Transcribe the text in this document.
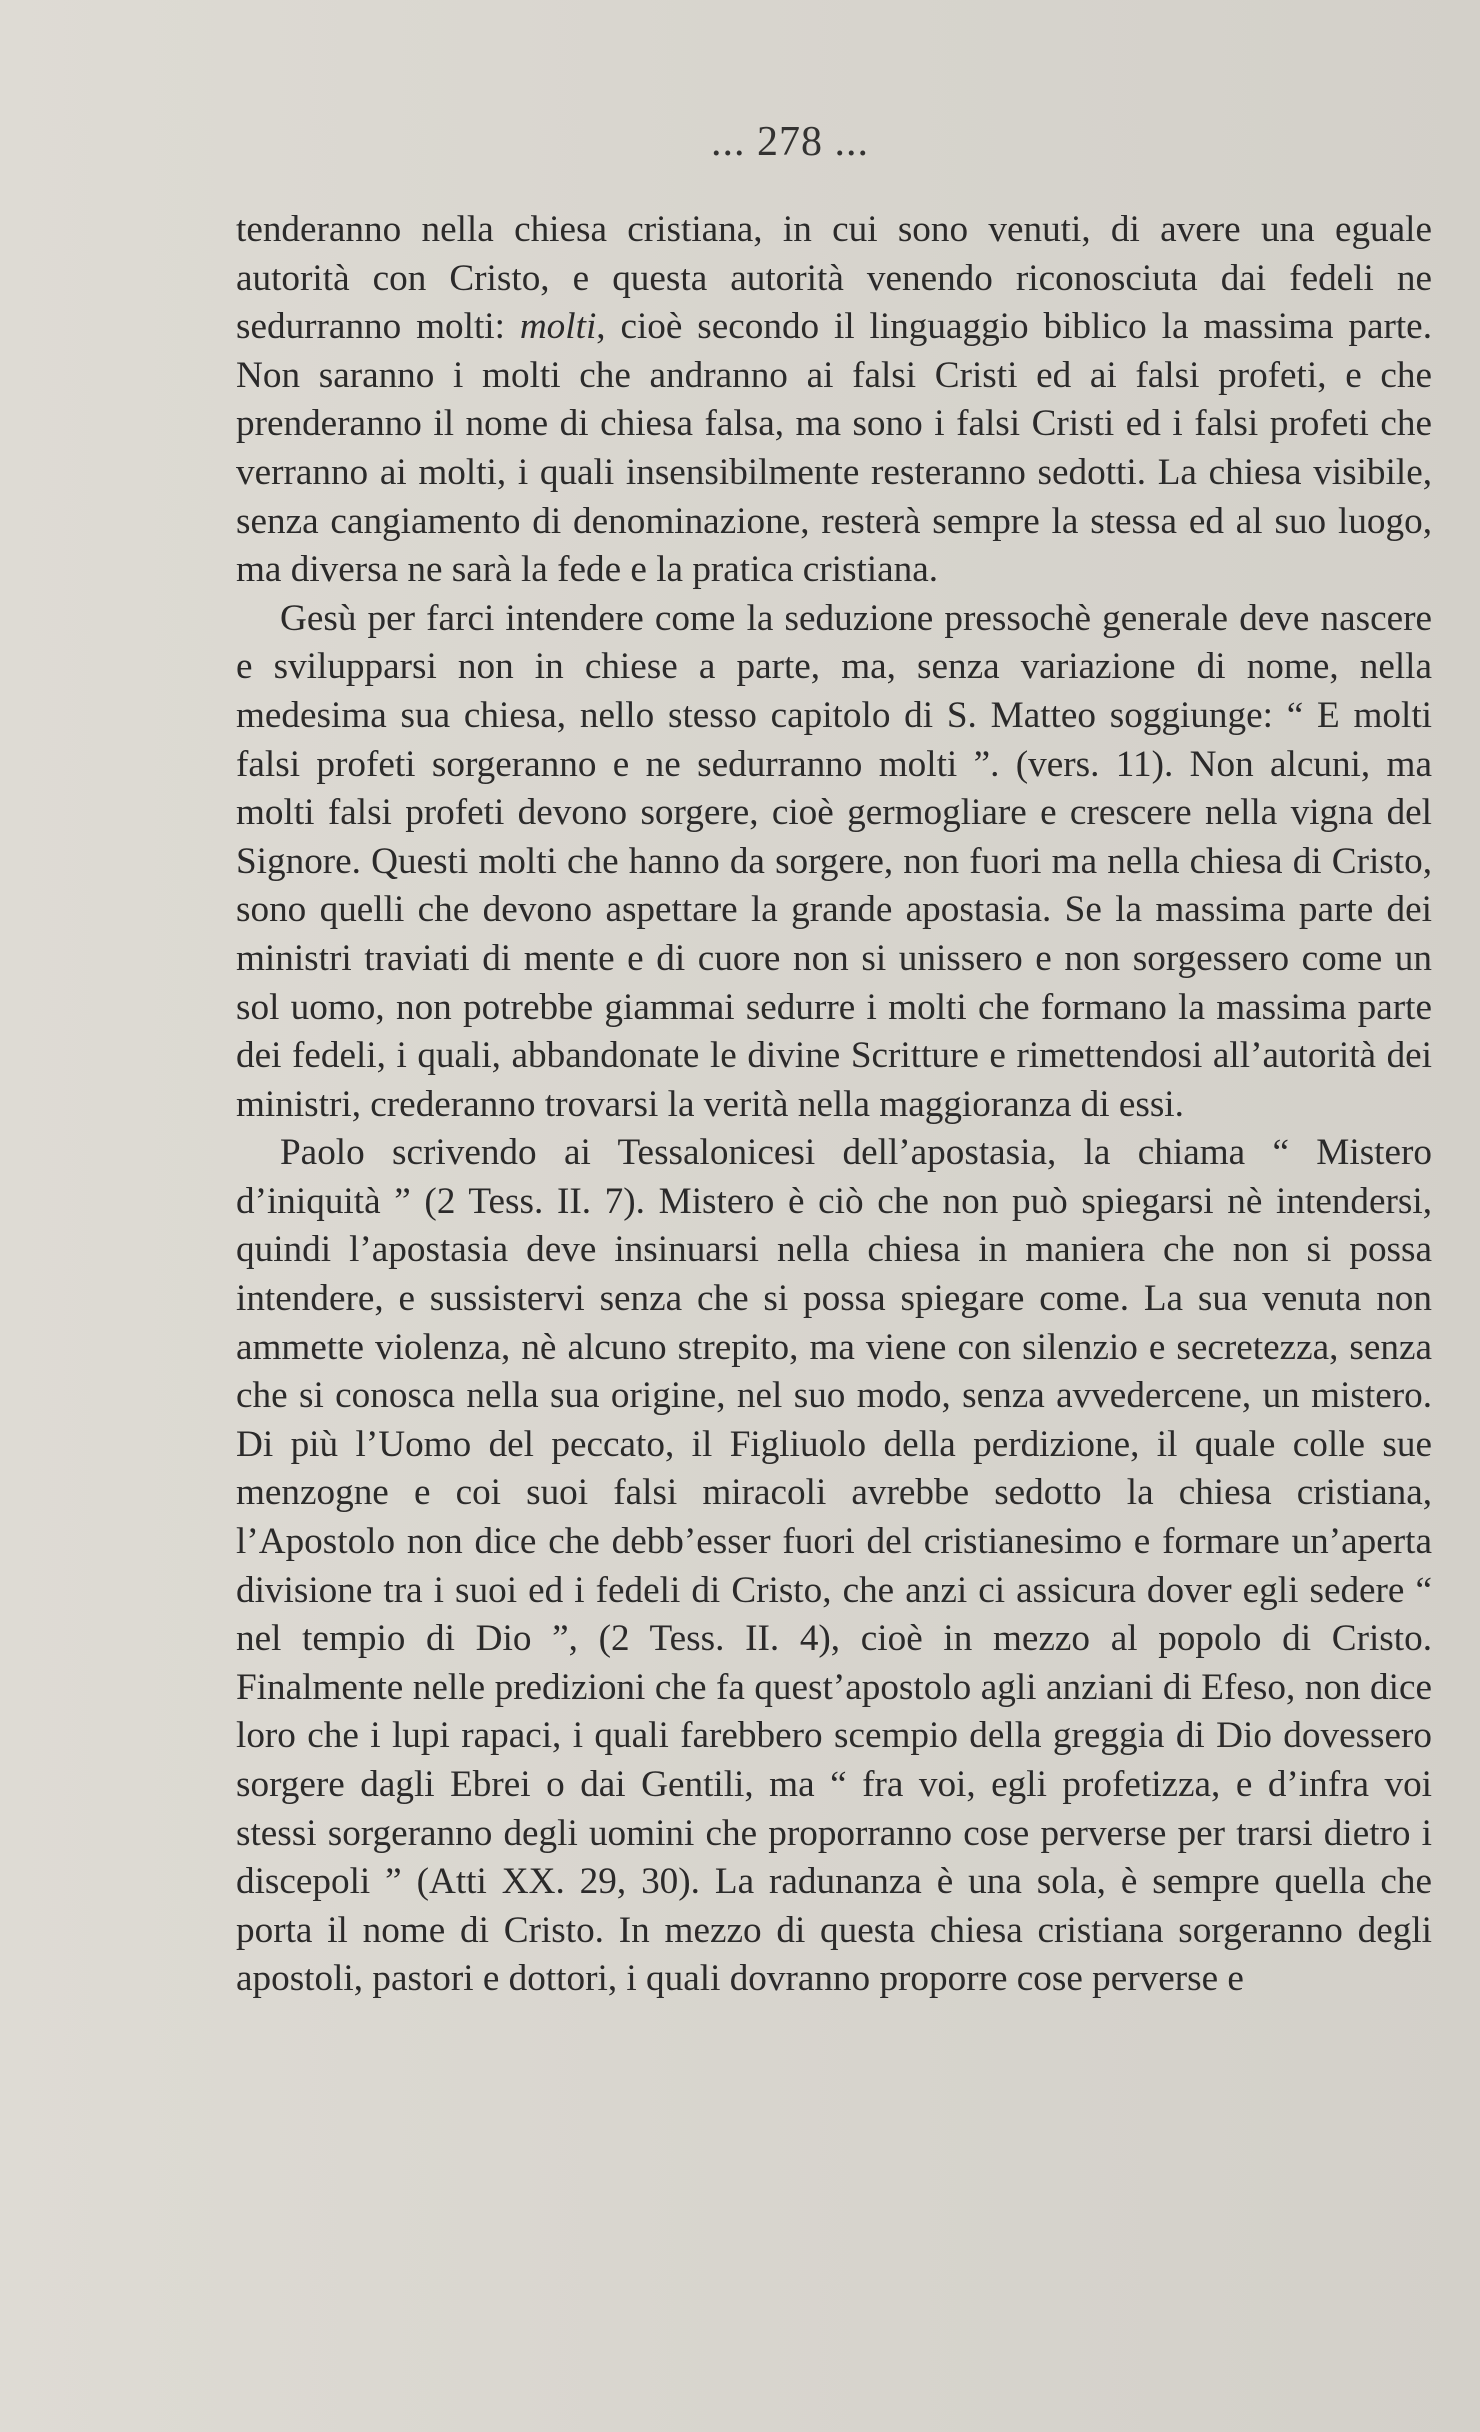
... 278 ...

tenderanno nella chiesa cristiana, in cui sono venuti, di avere una eguale autorità con Cristo, e questa autorità venendo riconosciuta dai fedeli ne sedurranno molti: molti, cioè secondo il linguaggio biblico la massima parte. Non saranno i molti che andranno ai falsi Cristi ed ai falsi profeti, e che prenderanno il nome di chiesa falsa, ma sono i falsi Cristi ed i falsi profeti che verranno ai molti, i quali insensibilmente resteranno sedotti. La chiesa visibile, senza cangiamento di denominazione, resterà sempre la stessa ed al suo luogo, ma diversa ne sarà la fede e la pratica cristiana.

Gesù per farci intendere come la seduzione pressochè generale deve nascere e svilupparsi non in chiese a parte, ma, senza variazione di nome, nella medesima sua chiesa, nello stesso capitolo di S. Matteo soggiunge: “ E molti falsi profeti sorgeranno e ne sedurranno molti ”. (vers. 11). Non alcuni, ma molti falsi profeti devono sorgere, cioè germogliare e crescere nella vigna del Signore. Questi molti che hanno da sorgere, non fuori ma nella chiesa di Cristo, sono quelli che devono aspettare la grande apostasia. Se la massima parte dei ministri traviati di mente e di cuore non si unissero e non sorgessero come un sol uomo, non potrebbe giammai sedurre i molti che formano la massima parte dei fedeli, i quali, abbandonate le divine Scritture e rimettendosi all’autorità dei ministri, crederanno trovarsi la verità nella maggioranza di essi.

Paolo scrivendo ai Tessalonicesi dell’apostasia, la chiama “ Mistero d’iniquità ” (2 Tess. II. 7). Mistero è ciò che non può spiegarsi nè intendersi, quindi l’apostasia deve insinuarsi nella chiesa in maniera che non si possa intendere, e sussistervi senza che si possa spiegare come. La sua venuta non ammette violenza, nè alcuno strepito, ma viene con silenzio e secretezza, senza che si conosca nella sua origine, nel suo modo, senza avvedercene, un mistero. Di più l’Uomo del peccato, il Figliuolo della perdizione, il quale colle sue menzogne e coi suoi falsi miracoli avrebbe sedotto la chiesa cristiana, l’Apostolo non dice che debb’esser fuori del cristianesimo e formare un’aperta divisione tra i suoi ed i fedeli di Cristo, che anzi ci assicura dover egli sedere “ nel tempio di Dio ”, (2 Tess. II. 4), cioè in mezzo al popolo di Cristo. Finalmente nelle predizioni che fa quest’apostolo agli anziani di Efeso, non dice loro che i lupi rapaci, i quali farebbero scempio della greggia di Dio dovessero sorgere dagli Ebrei o dai Gentili, ma “ fra voi, egli profetizza, e d’infra voi stessi sorgeranno degli uomini che proporranno cose perverse per trarsi dietro i discepoli ” (Atti XX. 29, 30). La radunanza è una sola, è sempre quella che porta il nome di Cristo. In mezzo di questa chiesa cristiana sorgeranno degli apostoli, pastori e dottori, i quali dovranno proporre cose perverse e
